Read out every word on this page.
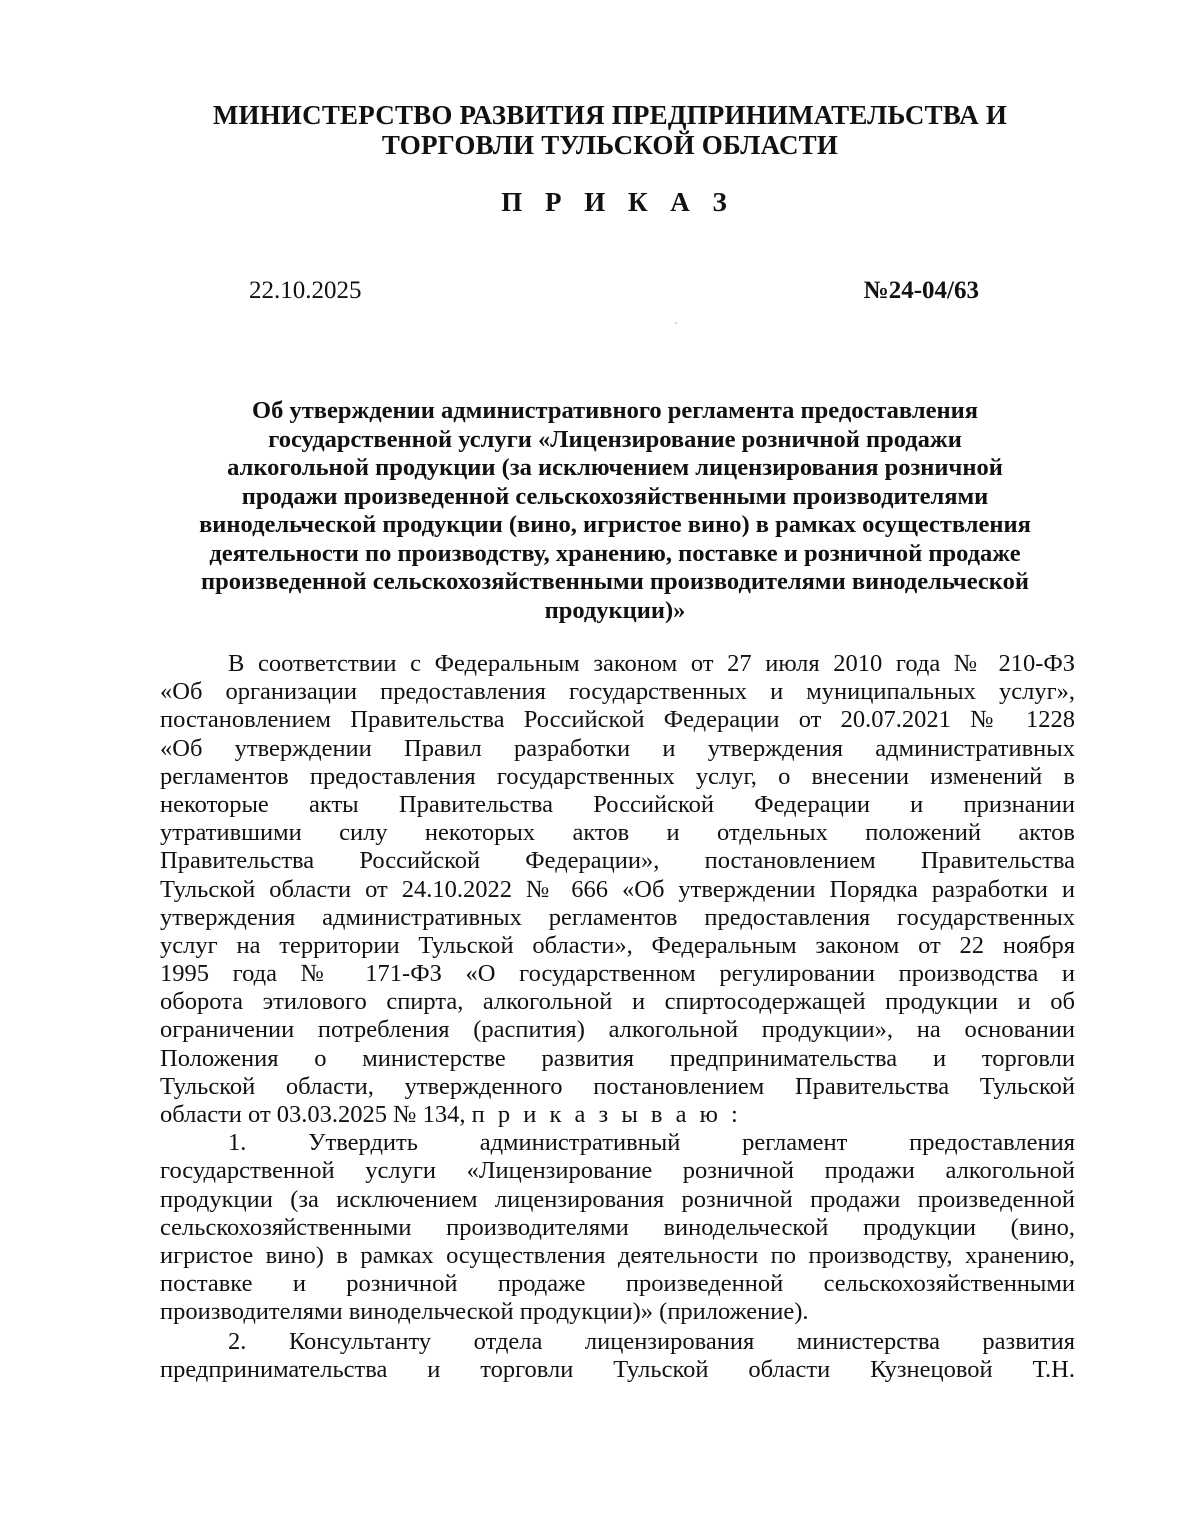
МИНИСТЕРСТВО РАЗВИТИЯ ПРЕДПРИНИМАТЕЛЬСТВА И
ТОРГОВЛИ ТУЛЬСКОЙ ОБЛАСТИ
П Р И К А З
22.10.2025	№24-04/63
Об утверждении административного регламента предоставления
государственной услуги «Лицензирование розничной продажи
алкогольной продукции (за исключением лицензирования розничной
продажи произведенной сельскохозяйственными производителями
винодельческой продукции (вино, игристое вино) в рамках осуществления
деятельности по производству, хранению, поставке и розничной продаже
произведенной сельскохозяйственными производителями винодельческой
продукции)»
В соответствии с Федеральным законом от 27 июля 2010 года № 210-ФЗ
«Об организации предоставления государственных и муниципальных услуг»,
постановлением Правительства Российской Федерации от 20.07.2021 № 1228
«Об утверждении Правил разработки и утверждения административных
регламентов предоставления государственных услуг, о внесении изменений в
некоторые акты Правительства Российской Федерации и признании
утратившими силу некоторых актов и отдельных положений актов
Правительства Российской Федерации», постановлением Правительства
Тульской области от 24.10.2022 № 666 «Об утверждении Порядка разработки и
утверждения административных регламентов предоставления государственных
услуг на территории Тульской области», Федеральным законом от 22 ноября
1995 года № 171-ФЗ «О государственном регулировании производства и
оборота этилового спирта, алкогольной и спиртосодержащей продукции и об
ограничении потребления (распития) алкогольной продукции», на основании
Положения о министерстве развития предпринимательства и торговли
Тульской области, утвержденного постановлением Правительства Тульской
области от 03.03.2025 № 134, п р и к а з ы в а ю :
1. Утвердить административный регламент предоставления
государственной услуги «Лицензирование розничной продажи алкогольной
продукции (за исключением лицензирования розничной продажи произведенной
сельскохозяйственными производителями винодельческой продукции (вино,
игристое вино) в рамках осуществления деятельности по производству, хранению,
поставке и розничной продаже произведенной сельскохозяйственными
производителями винодельческой продукции)» (приложение).
2. Консультанту отдела лицензирования министерства развития
предпринимательства и торговли Тульской области Кузнецовой Т.Н.
